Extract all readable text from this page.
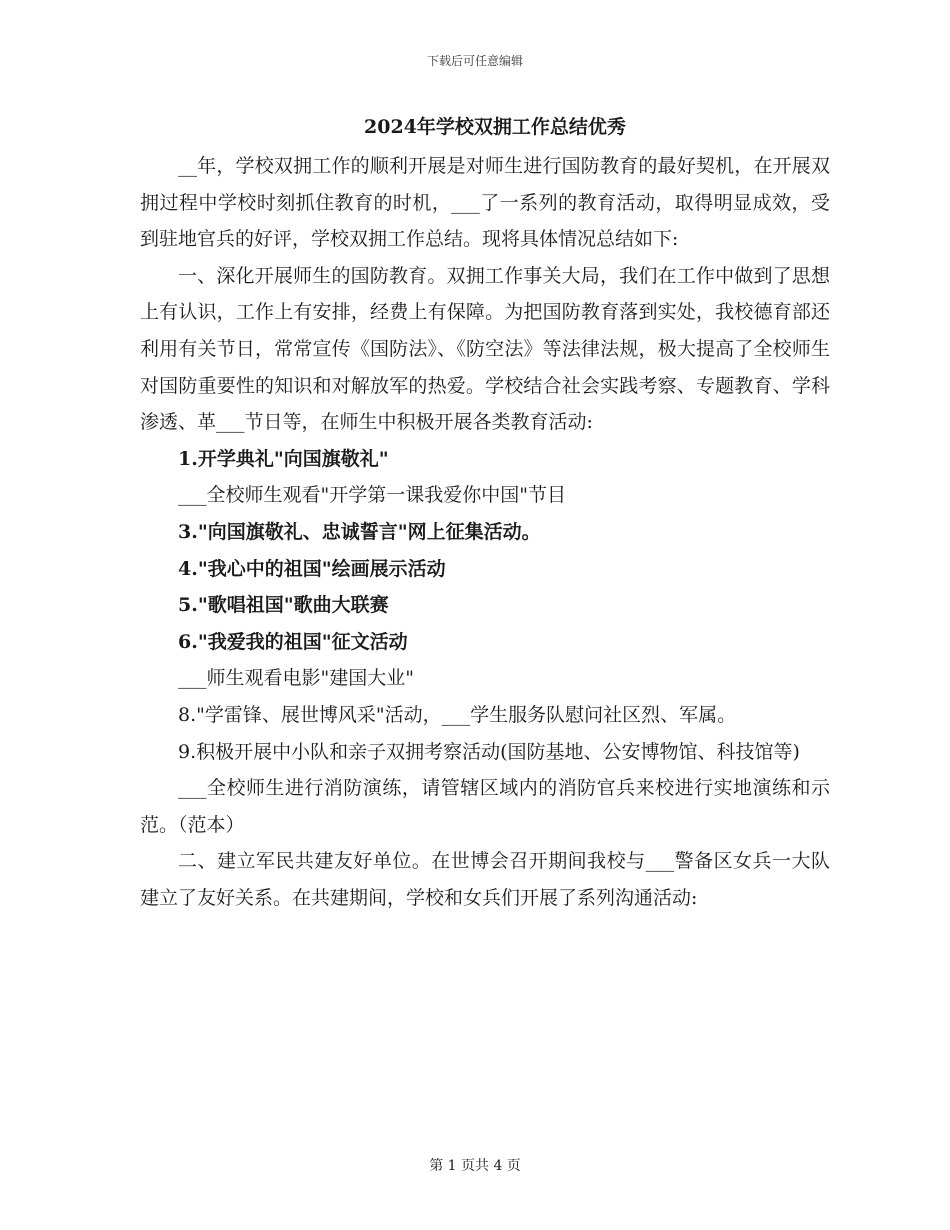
下载后可任意编辑
2024年学校双拥工作总结优秀

__年，学校双拥工作的顺利开展是对师生进行国防教育的最好契机，在开展双拥过程中学校时刻抓住教育的时机，___了一系列的教育活动，取得明显成效，受到驻地官兵的好评，学校双拥工作总结。现将具体情况总结如下:

一、深化开展师生的国防教育。双拥工作事关大局，我们在工作中做到了思想上有认识，工作上有安排，经费上有保障。为把国防教育落到实处，我校德育部还利用有关节日，常常宣传《国防法》、《防空法》等法律法规，极大提高了全校师生对国防重要性的知识和对解放军的热爱。学校结合社会实践考察、专题教育、学科渗透、革___节日等，在师生中积极开展各类教育活动:

1.开学典礼"向国旗敬礼"

___全校师生观看"开学第一课我爱你中国"节目

3."向国旗敬礼、忠诚誓言"网上征集活动。

4."我心中的祖国"绘画展示活动

5."歌唱祖国"歌曲大联赛

6."我爱我的祖国"征文活动

___师生观看电影"建国大业"

8."学雷锋、展世博风采"活动，___学生服务队慰问社区烈、军属。

9.积极开展中小队和亲子双拥考察活动(国防基地、公安博物馆、科技馆等)

___全校师生进行消防演练，请管辖区域内的消防官兵来校进行实地演练和示范。（范本）

二、建立军民共建友好单位。在世博会召开期间我校与___警备区女兵一大队建立了友好关系。在共建期间，学校和女兵们开展了系列沟通活动:

第 1 页共 4 页
